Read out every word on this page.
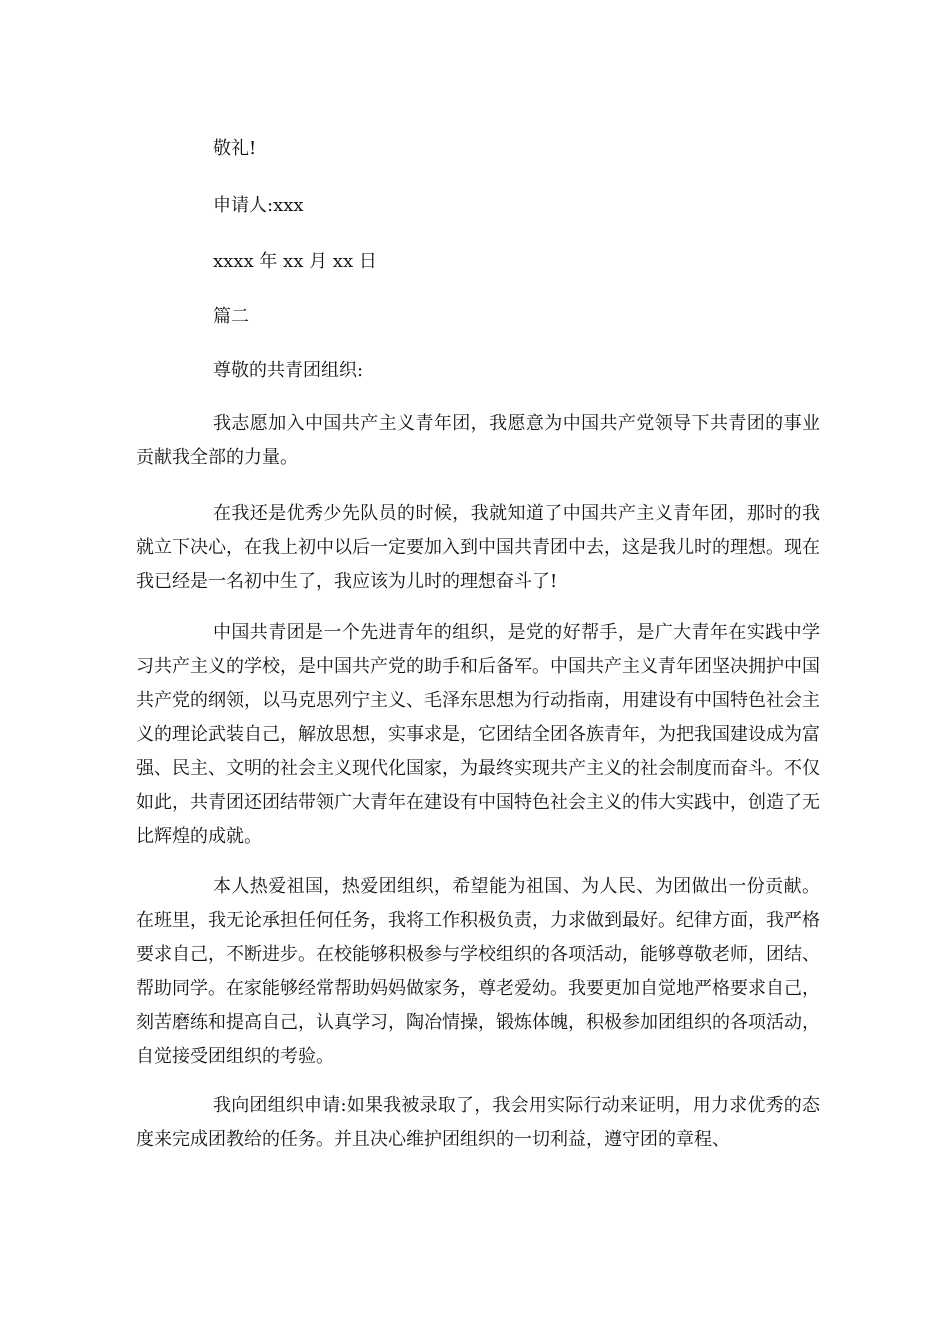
敬礼!
申请人:xxx
xxxx 年 xx 月 xx 日
篇二
尊敬的共青团组织:
我志愿加入中国共产主义青年团，我愿意为中国共产党领导下共青团的事业贡献我全部的力量。
在我还是优秀少先队员的时候，我就知道了中国共产主义青年团，那时的我就立下决心，在我上初中以后一定要加入到中国共青团中去，这是我儿时的理想。现在我已经是一名初中生了，我应该为儿时的理想奋斗了!
中国共青团是一个先进青年的组织，是党的好帮手，是广大青年在实践中学习共产主义的学校，是中国共产党的助手和后备军。中国共产主义青年团坚决拥护中国共产党的纲领，以马克思列宁主义、毛泽东思想为行动指南，用建设有中国特色社会主义的理论武装自己，解放思想，实事求是，它团结全团各族青年，为把我国建设成为富强、民主、文明的社会主义现代化国家，为最终实现共产主义的社会制度而奋斗。不仅如此，共青团还团结带领广大青年在建设有中国特色社会主义的伟大实践中，创造了无比辉煌的成就。
本人热爱祖国，热爱团组织，希望能为祖国、为人民、为团做出一份贡献。在班里，我无论承担任何任务，我将工作积极负责，力求做到最好。纪律方面，我严格要求自己，不断进步。在校能够积极参与学校组织的各项活动，能够尊敬老师，团结、帮助同学。在家能够经常帮助妈妈做家务，尊老爱幼。我要更加自觉地严格要求自己，刻苦磨练和提高自己，认真学习，陶冶情操，锻炼体魄，积极参加团组织的各项活动，自觉接受团组织的考验。
我向团组织申请:如果我被录取了，我会用实际行动来证明，用力求优秀的态度来完成团教给的任务。并且决心维护团组织的一切利益，遵守团的章程、
